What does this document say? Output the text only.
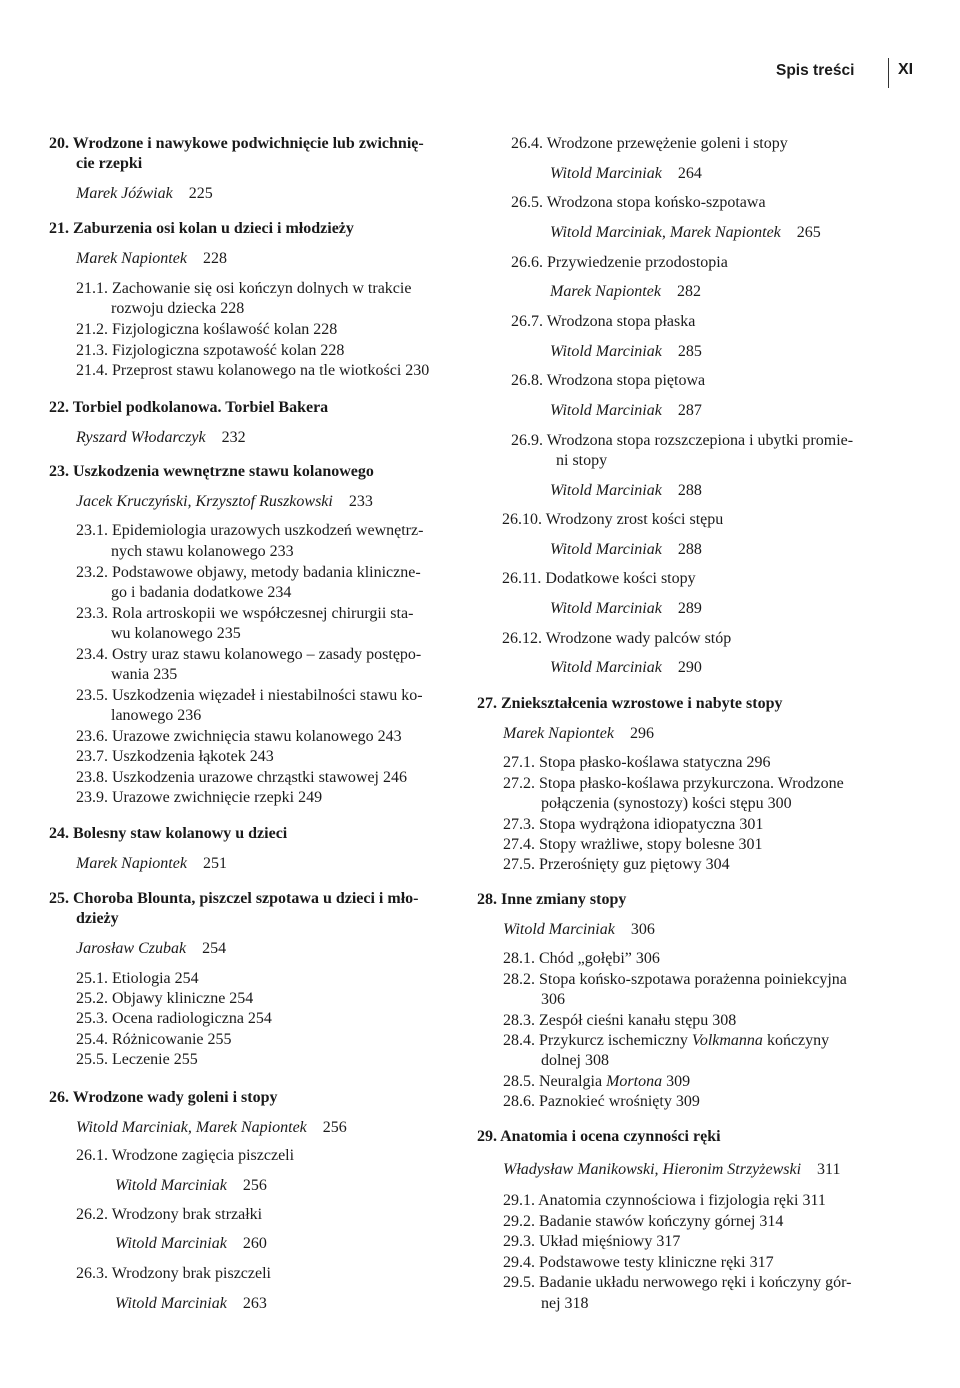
Spis treści	XI
20. Wrodzone i nawykowe podwichnięcie lub zwichnię-
cie rzepki
Marek Jóźwiak 225
21. Zaburzenia osi kolan u dzieci i młodzieży
Marek Napiontek 228
21.1. Zachowanie się osi kończyn dolnych w trakcie
rozwoju dziecka 228
21.2. Fizjologiczna koślawość kolan 228
21.3. Fizjologiczna szpotawość kolan 228
21.4. Przeprost stawu kolanowego na tle wiotkości 230
22. Torbiel podkolanowa. Torbiel Bakera
Ryszard Włodarczyk 232
23. Uszkodzenia wewnętrzne stawu kolanowego
Jacek Kruczyński, Krzysztof Ruszkowski 233
23.1. Epidemiologia urazowych uszkodzeń wewnętrz-
nych stawu kolanowego 233
23.2. Podstawowe objawy, metody badania kliniczne-
go i badania dodatkowe 234
23.3. Rola artroskopii we współczesnej chirurgii sta-
wu kolanowego 235
23.4. Ostry uraz stawu kolanowego – zasady postępo-
wania 235
23.5. Uszkodzenia więzadeł i niestabilności stawu ko-
lanowego 236
23.6. Urazowe zwichnięcia stawu kolanowego 243
23.7. Uszkodzenia łąkotek 243
23.8. Uszkodzenia urazowe chrząstki stawowej 246
23.9. Urazowe zwichnięcie rzepki 249
24. Bolesny staw kolanowy u dzieci
Marek Napiontek 251
25. Choroba Blounta, piszczel szpotawa u dzieci i mło-
dzieży
Jarosław Czubak 254
25.1. Etiologia 254
25.2. Objawy kliniczne 254
25.3. Ocena radiologiczna 254
25.4. Różnicowanie 255
25.5. Leczenie 255
26. Wrodzone wady goleni i stopy
Witold Marciniak, Marek Napiontek 256
26.1. Wrodzone zagięcia piszczeli
Witold Marciniak 256
26.2. Wrodzony brak strzałki
Witold Marciniak 260
26.3. Wrodzony brak piszczeli
Witold Marciniak 263
26.4. Wrodzone przewężenie goleni i stopy
Witold Marciniak 264
26.5. Wrodzona stopa końsko-szpotawa
Witold Marciniak, Marek Napiontek 265
26.6. Przywiedzenie przodostopia
Marek Napiontek 282
26.7. Wrodzona stopa płaska
Witold Marciniak 285
26.8. Wrodzona stopa piętowa
Witold Marciniak 287
26.9. Wrodzona stopa rozszczepiona i ubytki promie-
ni stopy
Witold Marciniak 288
26.10. Wrodzony zrost kości stępu
Witold Marciniak 288
26.11. Dodatkowe kości stopy
Witold Marciniak 289
26.12. Wrodzone wady palców stóp
Witold Marciniak 290
27. Zniekształcenia wzrostowe i nabyte stopy
Marek Napiontek 296
27.1. Stopa płasko-koślawa statyczna 296
27.2. Stopa płasko-koślawa przykurczona. Wrodzone
połączenia (synostozy) kości stępu 300
27.3. Stopa wydrążona idiopatyczna 301
27.4. Stopy wrażliwe, stopy bolesne 301
27.5. Przerośnięty guz piętowy 304
28. Inne zmiany stopy
Witold Marciniak 306
28.1. Chód „gołębi” 306
28.2. Stopa końsko-szpotawa porażenna poiniekcyjna
306
28.3. Zespół cieśni kanału stępu 308
28.4. Przykurcz ischemiczny Volkmanna kończyny
dolnej 308
28.5. Neuralgia Mortona 309
28.6. Paznokieć wrośnięty 309
29. Anatomia i ocena czynności ręki
Władysław Manikowski, Hieronim Strzyżewski 311
29.1. Anatomia czynnościowa i fizjologia ręki 311
29.2. Badanie stawów kończyny górnej 314
29.3. Układ mięśniowy 317
29.4. Podstawowe testy kliniczne ręki 317
29.5. Badanie układu nerwowego ręki i kończyny gór-
nej 318
